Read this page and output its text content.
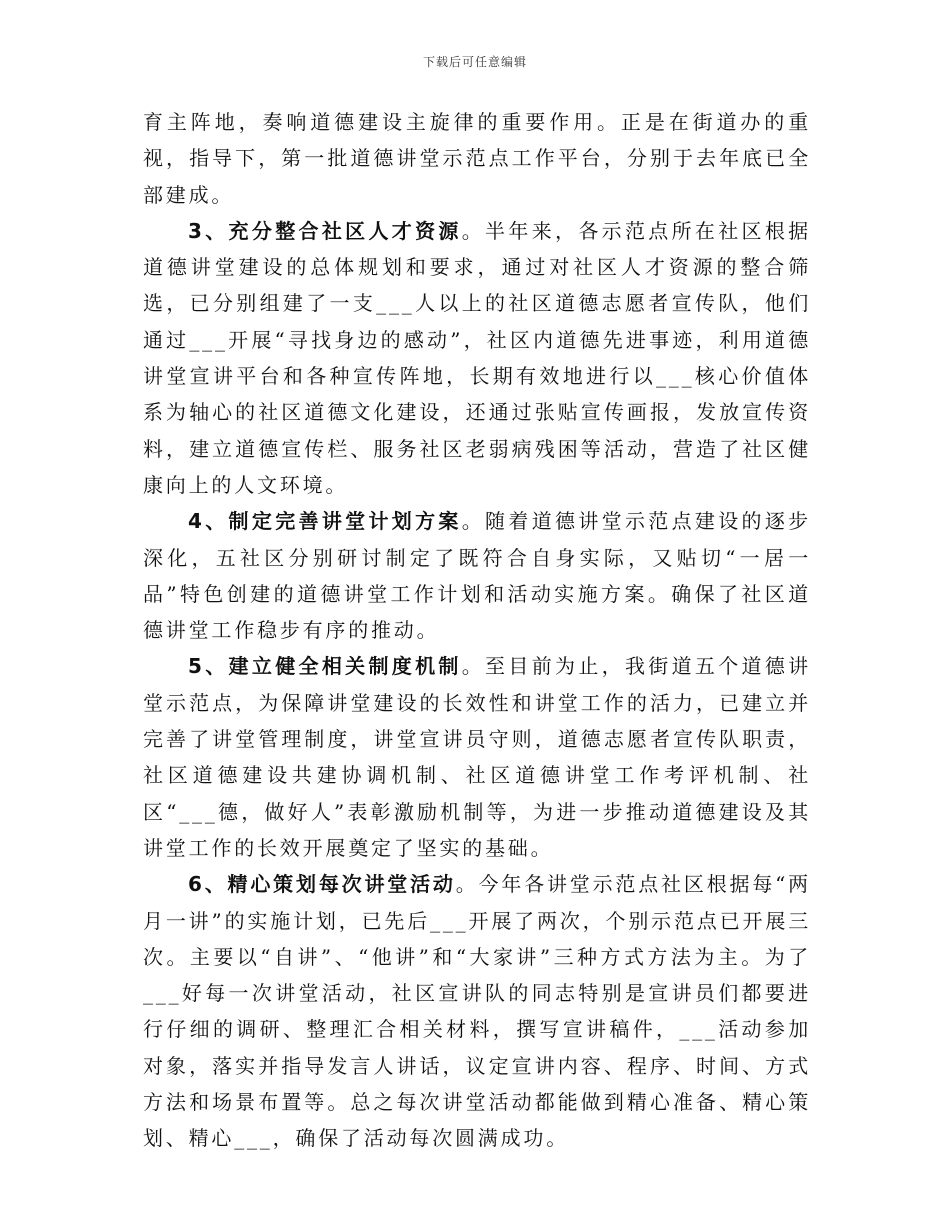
下载后可任意编辑

育主阵地，奏响道德建设主旋律的重要作用。正是在街道办的重视，指导下，第一批道德讲堂示范点工作平台，分别于去年底已全部建成。

3、充分整合社区人才资源。半年来，各示范点所在社区根据道德讲堂建设的总体规划和要求，通过对社区人才资源的整合筛选，已分别组建了一支___人以上的社区道德志愿者宣传队，他们通过___开展“寻找身边的感动”，社区内道德先进事迹，利用道德讲堂宣讲平台和各种宣传阵地，长期有效地进行以___核心价值体系为轴心的社区道德文化建设，还通过张贴宣传画报，发放宣传资料，建立道德宣传栏、服务社区老弱病残困等活动，营造了社区健康向上的人文环境。

4、制定完善讲堂计划方案。随着道德讲堂示范点建设的逐步深化，五社区分别研讨制定了既符合自身实际，又贴切“一居一品”特色创建的道德讲堂工作计划和活动实施方案。确保了社区道德讲堂工作稳步有序的推动。

5、建立健全相关制度机制。至目前为止，我街道五个道德讲堂示范点，为保障讲堂建设的长效性和讲堂工作的活力，已建立并完善了讲堂管理制度，讲堂宣讲员守则，道德志愿者宣传队职责，社区道德建设共建协调机制、社区道德讲堂工作考评机制、社区“___德，做好人”表彰激励机制等，为进一步推动道德建设及其讲堂工作的长效开展奠定了坚实的基础。

6、精心策划每次讲堂活动。今年各讲堂示范点社区根据每“两月一讲”的实施计划，已先后___开展了两次，个别示范点已开展三次。主要以“自讲”、“他讲”和“大家讲”三种方式方法为主。为了___好每一次讲堂活动，社区宣讲队的同志特别是宣讲员们都要进行仔细的调研、整理汇合相关材料，撰写宣讲稿件，___活动参加对象，落实并指导发言人讲话，议定宣讲内容、程序、时间、方式方法和场景布置等。总之每次讲堂活动都能做到精心准备、精心策划、精心___，确保了活动每次圆满成功。
